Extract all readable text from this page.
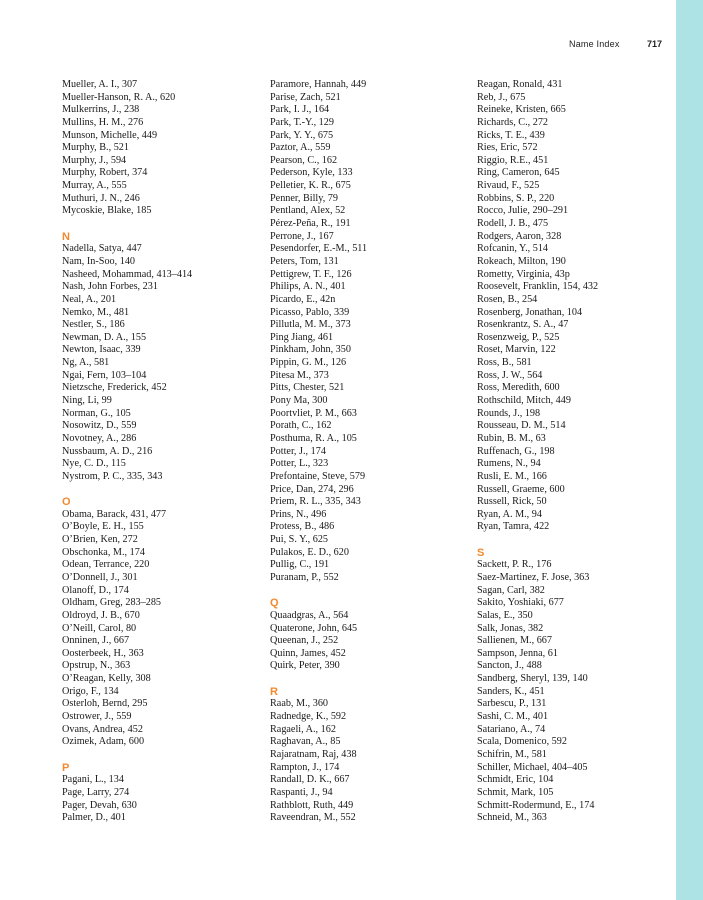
Name Index	717
Mueller, A. I., 307
Mueller-Hanson, R. A., 620
Mulkerrins, J., 238
Mullins, H. M., 276
Munson, Michelle, 449
Murphy, B., 521
Murphy, J., 594
Murphy, Robert, 374
Murray, A., 555
Muthuri, J. N., 246
Mycoskie, Blake, 185
N
Nadella, Satya, 447
Nam, In-Soo, 140
Nasheed, Mohammad, 413–414
Nash, John Forbes, 231
Neal, A., 201
Nemko, M., 481
Nestler, S., 186
Newman, D. A., 155
Newton, Isaac, 339
Ng, A., 581
Ngai, Fern, 103–104
Nietzsche, Frederick, 452
Ning, Li, 99
Norman, G., 105
Nosowitz, D., 559
Novotney, A., 286
Nussbaum, A. D., 216
Nye, C. D., 115
Nystrom, P. C., 335, 343
O
Obama, Barack, 431, 477
O’Boyle, E. H., 155
O’Brien, Ken, 272
Obschonka, M., 174
Odean, Terrance, 220
O’Donnell, J., 301
Olanoff, D., 174
Oldham, Greg, 283–285
Oldroyd, J. B., 670
O’Neill, Carol, 80
Onninen, J., 667
Oosterbeek, H., 363
Opstrup, N., 363
O’Reagan, Kelly, 308
Origo, F., 134
Osterloh, Bernd, 295
Ostrower, J., 559
Ovans, Andrea, 452
Ozimek, Adam, 600
P
Pagani, L., 134
Page, Larry, 274
Pager, Devah, 630
Palmer, D., 401
Paramore, Hannah, 449
Parise, Zach, 521
Park, I. J., 164
Park, T.-Y., 129
Park, Y. Y., 675
Paztor, A., 559
Pearson, C., 162
Pederson, Kyle, 133
Pelletier, K. R., 675
Penner, Billy, 79
Pentland, Alex, 52
Pérez-Peña, R., 191
Perrone, J., 167
Pesendorfer, E.-M., 511
Peters, Tom, 131
Pettigrew, T. F., 126
Philips, A. N., 401
Picardo, E., 42n
Picasso, Pablo, 339
Pillutla, M. M., 373
Ping Jiang, 461
Pinkham, John, 350
Pippin, G. M., 126
Pitesa M., 373
Pitts, Chester, 521
Pony Ma, 300
Poortvliet, P. M., 663
Porath, C., 162
Posthuma, R. A., 105
Potter, J., 174
Potter, L., 323
Prefontaine, Steve, 579
Price, Dan, 274, 296
Priem, R. L., 335, 343
Prins, N., 496
Protess, B., 486
Pui, S. Y., 625
Pulakos, E. D., 620
Pullig, C., 191
Puranam, P., 552
Q
Quaadgras, A., 564
Quaterone, John, 645
Queenan, J., 252
Quinn, James, 452
Quirk, Peter, 390
R
Raab, M., 360
Radnedge, K., 592
Ragaeli, A., 162
Raghavan, A., 85
Rajaratnam, Raj, 438
Rampton, J., 174
Randall, D. K., 667
Raspanti, J., 94
Rathblott, Ruth, 449
Raveendran, M., 552
Reagan, Ronald, 431
Reb, J., 675
Reineke, Kristen, 665
Richards, C., 272
Ricks, T. E., 439
Ries, Eric, 572
Riggio, R.E., 451
Ring, Cameron, 645
Rivaud, F., 525
Robbins, S. P., 220
Rocco, Julie, 290–291
Rodell, J. B., 475
Rodgers, Aaron, 328
Rofcanin, Y., 514
Rokeach, Milton, 190
Rometty, Virginia, 43p
Roosevelt, Franklin, 154, 432
Rosen, B., 254
Rosenberg, Jonathan, 104
Rosenkrantz, S. A., 47
Rosenzweig, P., 525
Roset, Marvin, 122
Ross, B., 581
Ross, J. W., 564
Ross, Meredith, 600
Rothschild, Mitch, 449
Rounds, J., 198
Rousseau, D. M., 514
Rubin, B. M., 63
Ruffenach, G., 198
Rumens, N., 94
Rusli, E. M., 166
Russell, Graeme, 600
Russell, Rick, 50
Ryan, A. M., 94
Ryan, Tamra, 422
S
Sackett, P. R., 176
Saez-Martinez, F. Jose, 363
Sagan, Carl, 382
Sakito, Yoshiaki, 677
Salas, E., 350
Salk, Jonas, 382
Sallienen, M., 667
Sampson, Jenna, 61
Sancton, J., 488
Sandberg, Sheryl, 139, 140
Sanders, K., 451
Sarbescu, P., 131
Sashi, C. M., 401
Satariano, A., 74
Scala, Domenico, 592
Schifrin, M., 581
Schiller, Michael, 404–405
Schmidt, Eric, 104
Schmit, Mark, 105
Schmitt-Rodermund, E., 174
Schneid, M., 363
